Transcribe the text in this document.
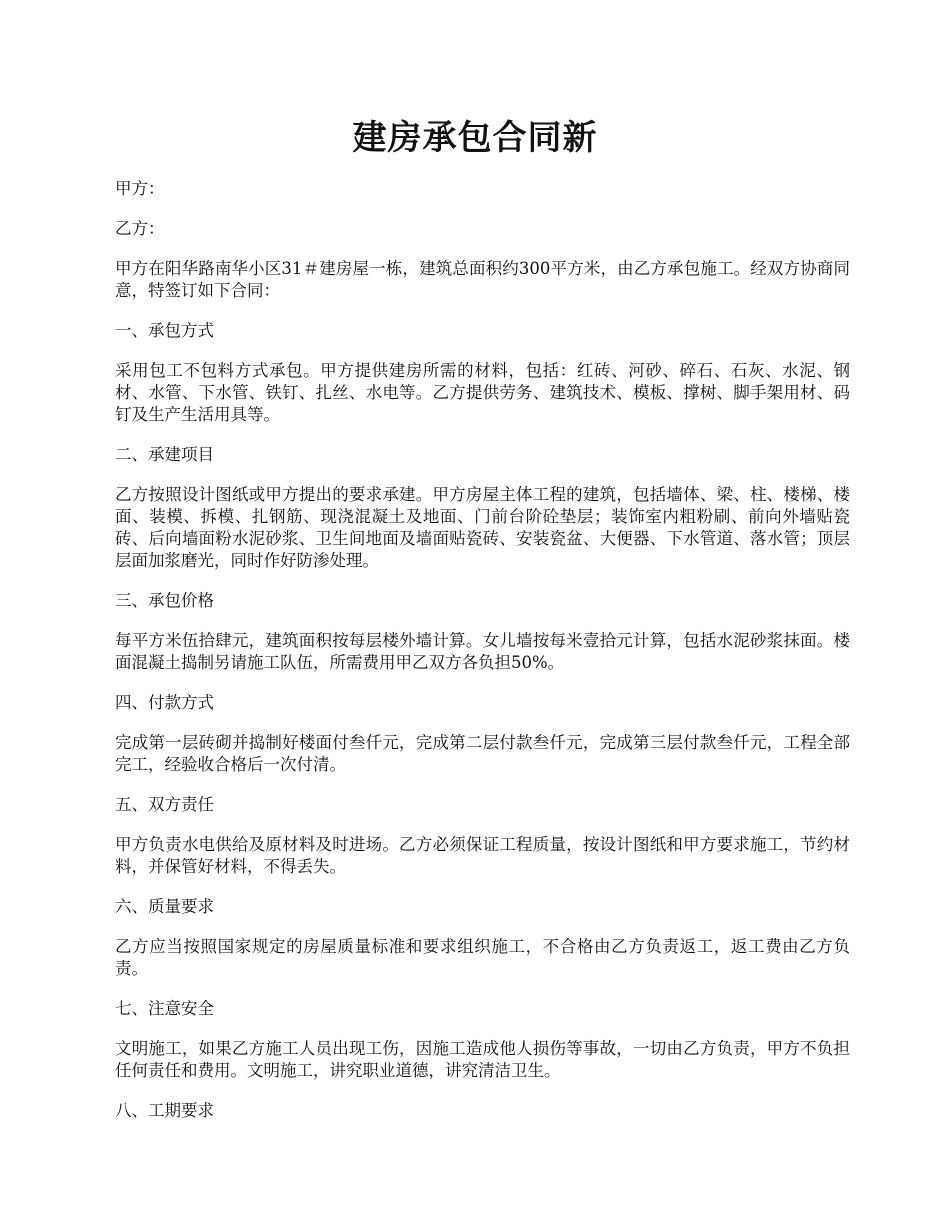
建房承包合同新

甲方：

乙方：

甲方在阳华路南华小区31＃建房屋一栋，建筑总面积约300平方米，由乙方承包施工。经双方协商同意，特签订如下合同：

一、承包方式

采用包工不包料方式承包。甲方提供建房所需的材料，包括：红砖、河砂、碎石、石灰、水泥、钢材、水管、下水管、铁钉、扎丝、水电等。乙方提供劳务、建筑技术、模板、撑树、脚手架用材、码钉及生产生活用具等。

二、承建项目

乙方按照设计图纸或甲方提出的要求承建。甲方房屋主体工程的建筑，包括墙体、梁、柱、楼梯、楼面、装模、拆模、扎钢筋、现浇混凝土及地面、门前台阶砼垫层；装饰室内粗粉刷、前向外墙贴瓷砖、后向墙面粉水泥砂浆、卫生间地面及墙面贴瓷砖、安装瓷盆、大便器、下水管道、落水管；顶层层面加浆磨光，同时作好防渗处理。

三、承包价格

每平方米伍拾肆元，建筑面积按每层楼外墙计算。女儿墙按每米壹拾元计算，包括水泥砂浆抹面。楼面混凝土捣制另请施工队伍，所需费用甲乙双方各负担50%。

四、付款方式

完成第一层砖砌并捣制好楼面付叁仟元，完成第二层付款叁仟元，完成第三层付款叁仟元，工程全部完工，经验收合格后一次付清。

五、双方责任

甲方负责水电供给及原材料及时进场。乙方必须保证工程质量，按设计图纸和甲方要求施工，节约材料，并保管好材料，不得丢失。

六、质量要求

乙方应当按照国家规定的房屋质量标准和要求组织施工，不合格由乙方负责返工，返工费由乙方负责。

七、注意安全

文明施工，如果乙方施工人员出现工伤，因施工造成他人损伤等事故，一切由乙方负责，甲方不负担任何责任和费用。文明施工，讲究职业道德，讲究清洁卫生。

八、工期要求
